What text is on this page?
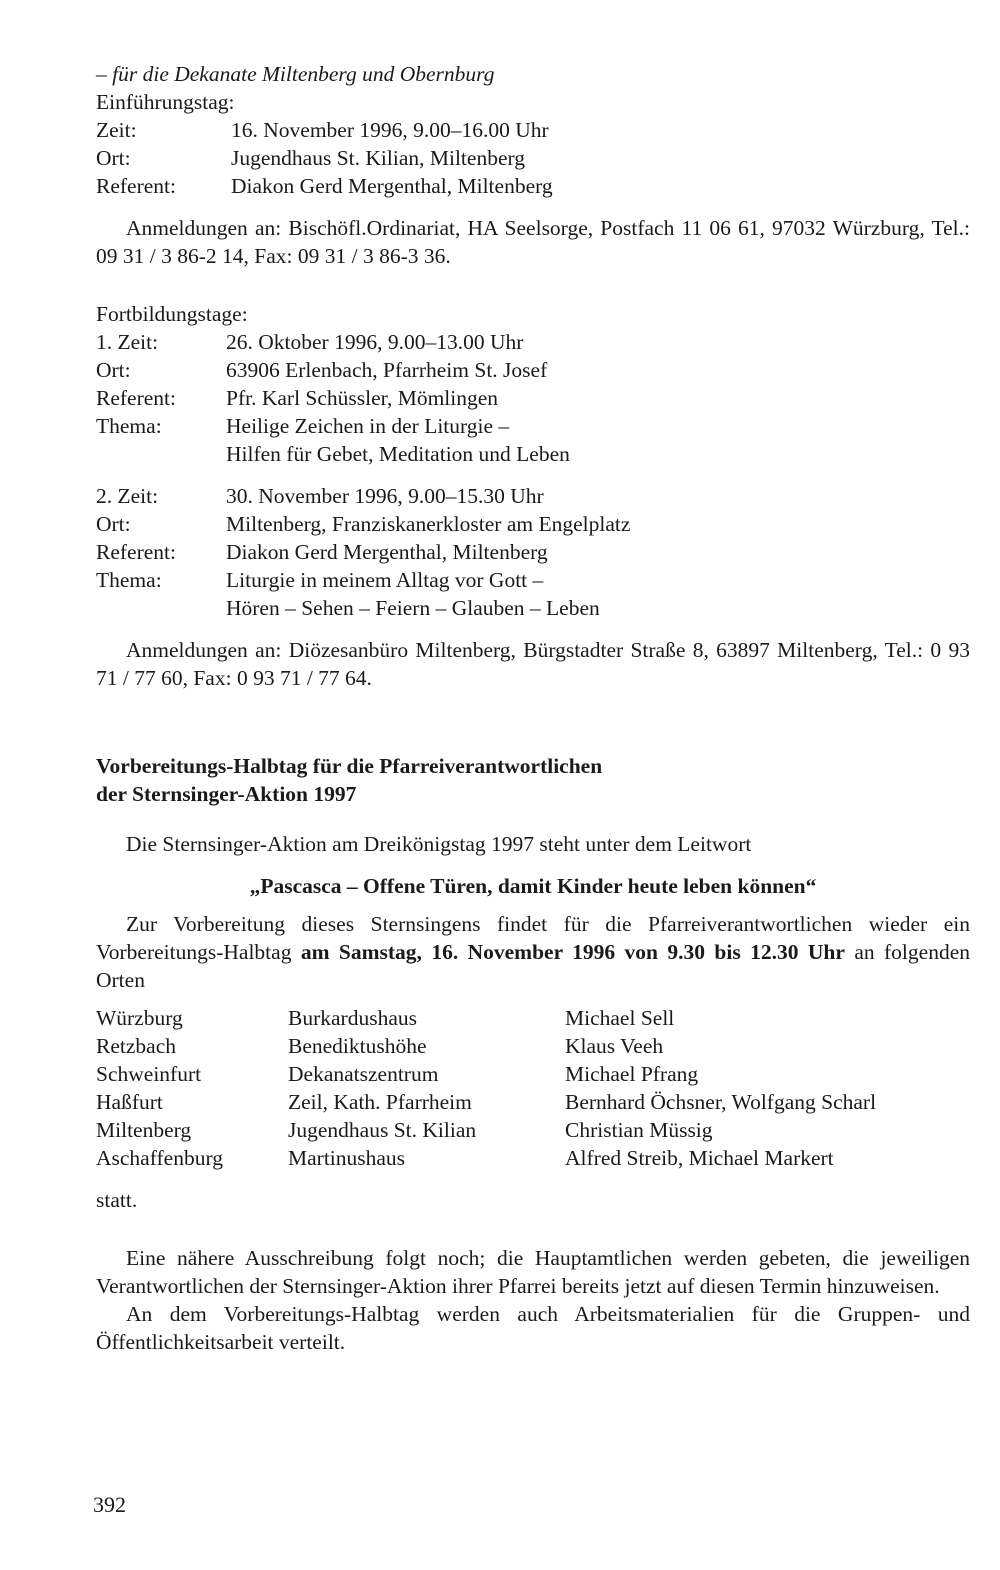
– für die Dekanate Miltenberg und Obernburg

Einführungstag:

Zeit:	16. November 1996, 9.00–16.00 Uhr
Ort:	Jugendhaus St. Kilian, Miltenberg
Referent:	Diakon Gerd Mergenthal, Miltenberg

Anmeldungen an: Bischöfl.Ordinariat, HA Seelsorge, Postfach 11 06 61, 97032 Würzburg, Tel.: 09 31 / 3 86-2 14, Fax: 09 31 / 3 86-3 36.

Fortbildungstage:

1. Zeit:	26. Oktober 1996, 9.00–13.00 Uhr
Ort:	63906 Erlenbach, Pfarrheim St. Josef
Referent:	Pfr. Karl Schüssler, Mömlingen
Thema:	Heilige Zeichen in der Liturgie –
Hilfen für Gebet, Meditation und Leben
2. Zeit:	30. November 1996, 9.00–15.30 Uhr
Ort:	Miltenberg, Franziskanerkloster am Engelplatz
Referent:	Diakon Gerd Mergenthal, Miltenberg
Thema:	Liturgie in meinem Alltag vor Gott –
Hören – Sehen – Feiern – Glauben – Leben

Anmeldungen an: Diözesanbüro Miltenberg, Bürgstadter Straße 8, 63897 Miltenberg, Tel.: 0 93 71 / 77 60, Fax: 0 93 71 / 77 64.

Vorbereitungs-Halbtag für die Pfarreiverantwortlichen
der Sternsinger-Aktion 1997

Die Sternsinger-Aktion am Dreikönigstag 1997 steht unter dem Leitwort

„Pascasca – Offene Türen, damit Kinder heute leben können“

Zur Vorbereitung dieses Sternsingens findet für die Pfarreiverantwortlichen wieder ein Vorbereitungs-Halbtag am Samstag, 16. November 1996 von 9.30 bis 12.30 Uhr an folgenden Orten

Würzburg	Burkardushaus	Michael Sell
Retzbach	Benediktushöhe	Klaus Veeh
Schweinfurt	Dekanatszentrum	Michael Pfrang
Haßfurt	Zeil, Kath. Pfarrheim	Bernhard Öchsner, Wolfgang Scharl
Miltenberg	Jugendhaus St. Kilian	Christian Müssig
Aschaffenburg	Martinushaus	Alfred Streib, Michael Markert

statt.

Eine nähere Ausschreibung folgt noch; die Hauptamtlichen werden gebeten, die jeweiligen Verantwortlichen der Sternsinger-Aktion ihrer Pfarrei bereits jetzt auf diesen Termin hinzuweisen.

An dem Vorbereitungs-Halbtag werden auch Arbeitsmaterialien für die Gruppen- und Öffentlichkeitsarbeit verteilt.

392
